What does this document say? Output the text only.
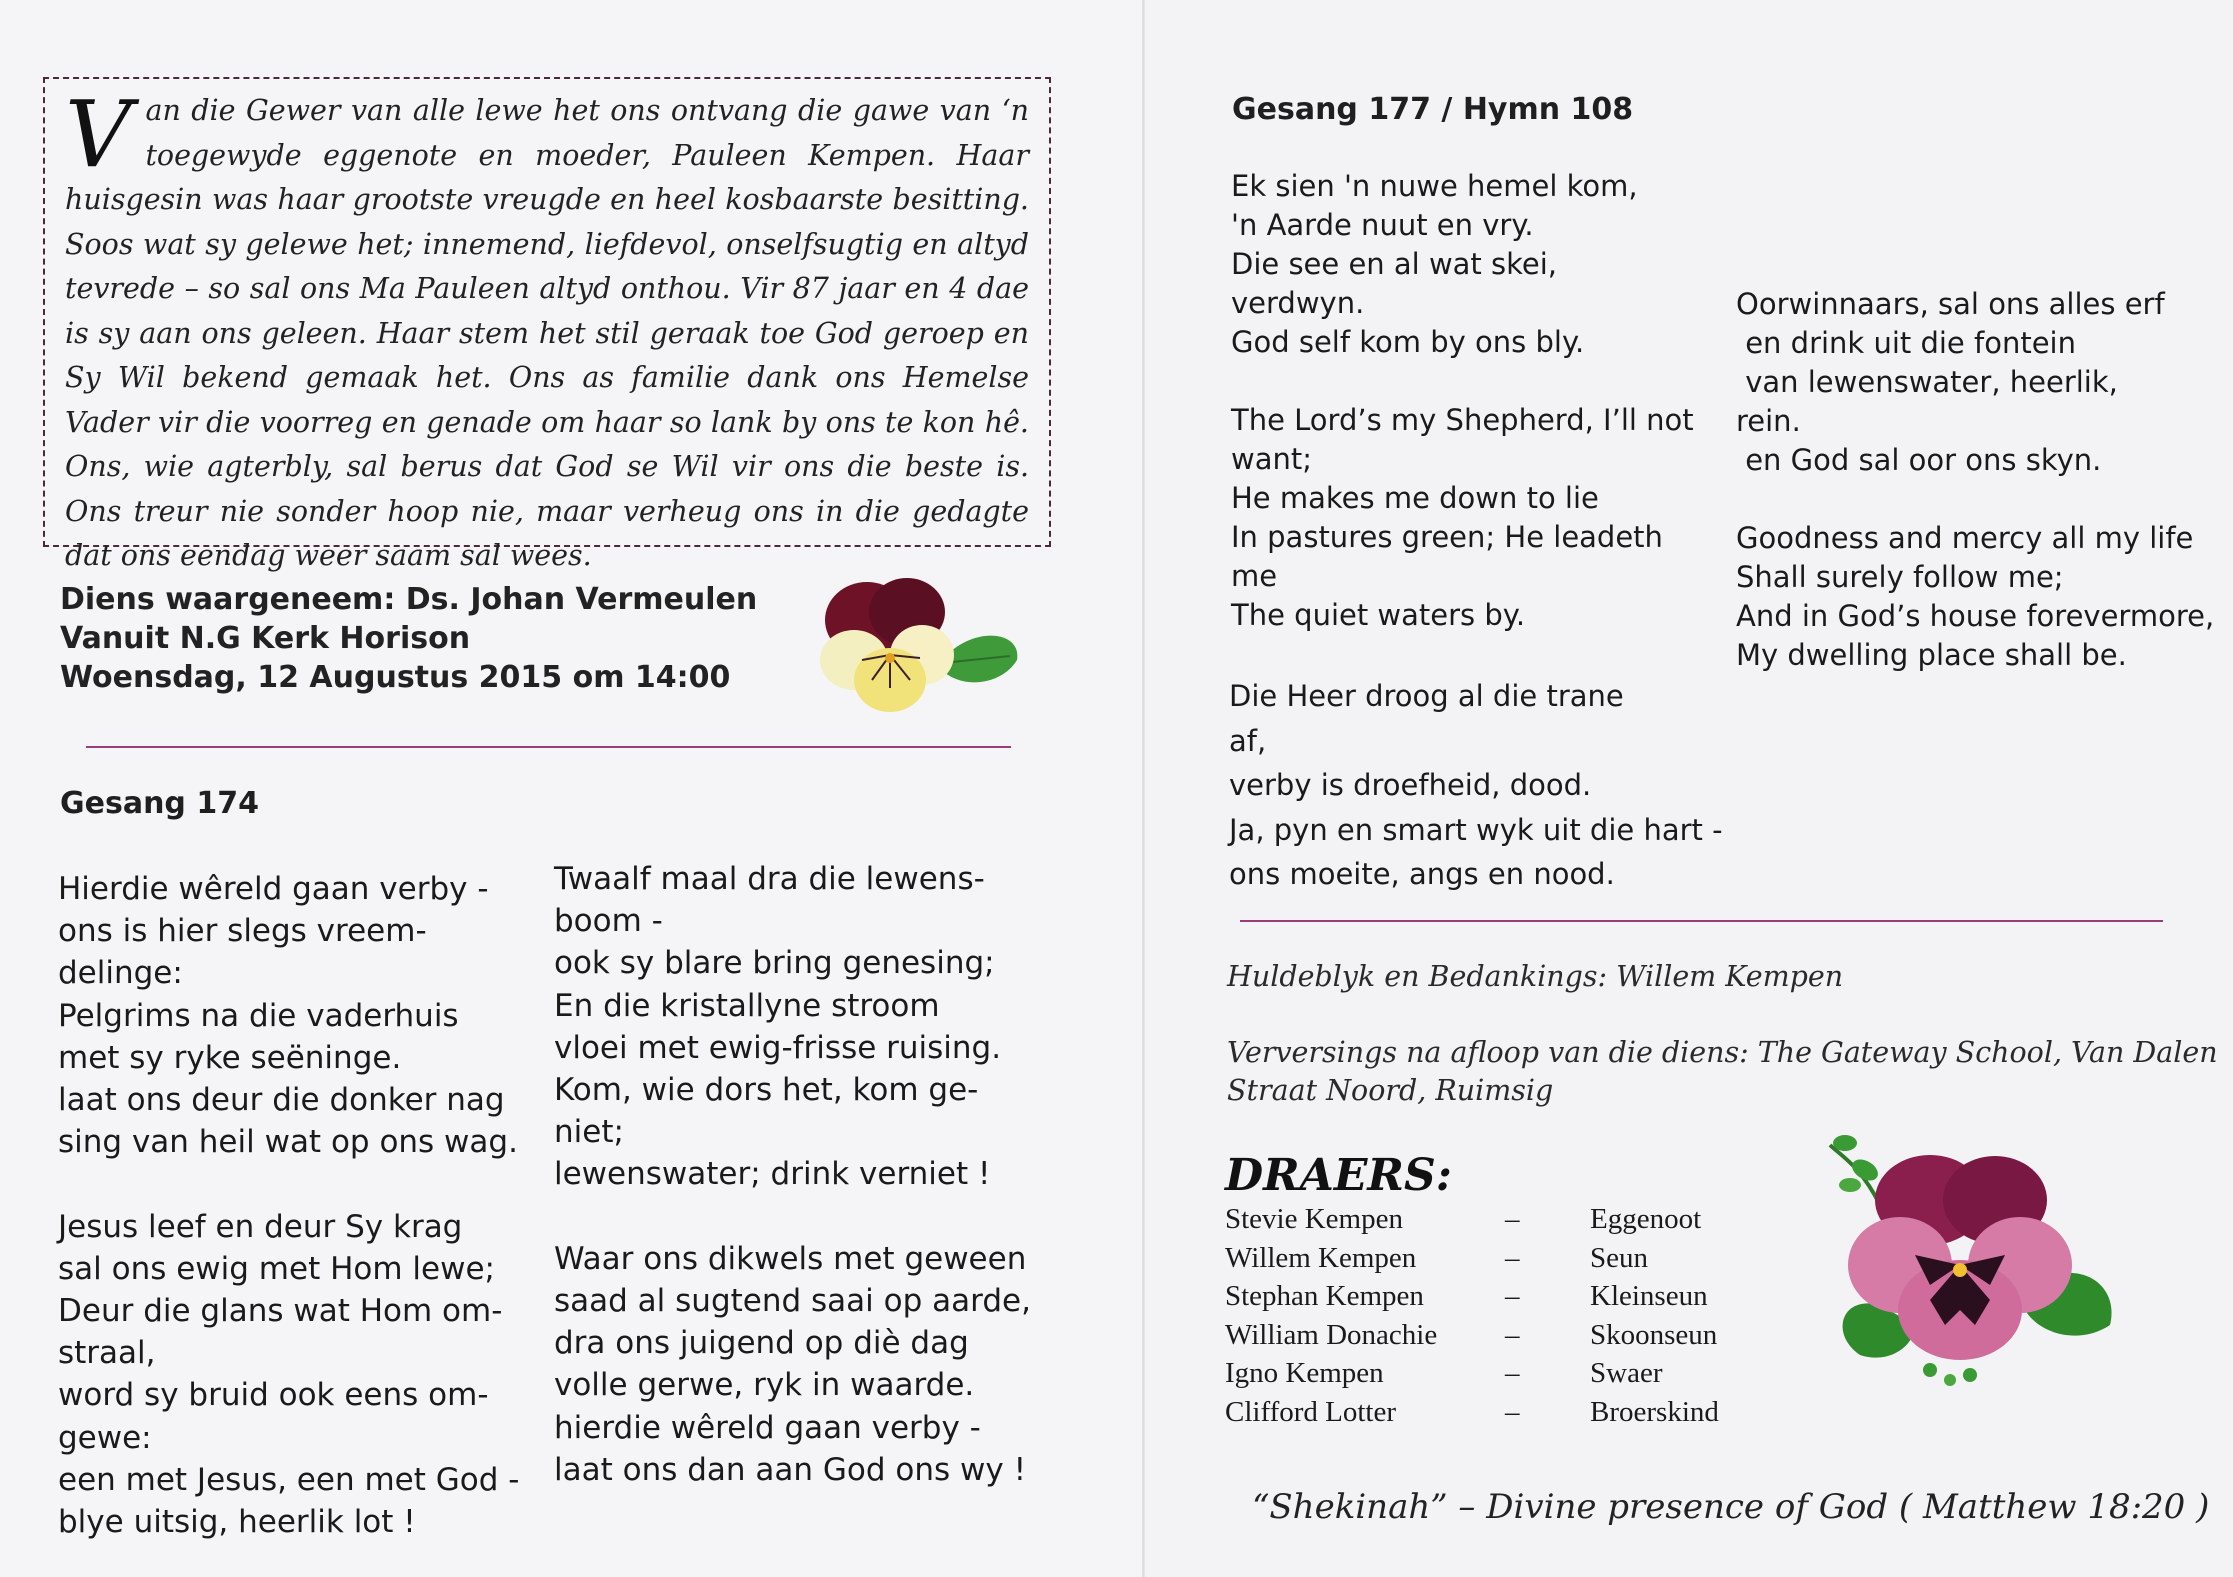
Van die Gewer van alle lewe het ons ontvang die gawe van ‘n toegewyde eggenote en moeder, Pauleen Kempen. Haar huisgesin was haar grootste vreugde en heel kosbaarste besitting. Soos wat sy gelewe het; innemend, liefdevol, onselfsugtig en altyd tevrede – so sal ons Ma Pauleen altyd onthou. Vir 87 jaar en 4 dae is sy aan ons geleen. Haar stem het stil geraak toe God geroep en Sy Wil bekend gemaak het. Ons as familie dank ons Hemelse Vader vir die voorreg en genade om haar so lank by ons te kon hê. Ons, wie agterbly, sal berus dat God se Wil vir ons die beste is. Ons treur nie sonder hoop nie, maar verheug ons in die gedagte dat ons eendag weer saam sal wees.
Diens waargeneem: Ds. Johan Vermeulen
Vanuit N.G Kerk Horison
Woensdag, 12 Augustus 2015 om 14:00
Gesang 174
Hierdie wêreld gaan verby -
ons is hier slegs vreem-
delinge:
Pelgrims na die vaderhuis
met sy ryke seëninge.
laat ons deur die donker nag
sing van heil wat op ons wag.

Jesus leef en deur Sy krag
sal ons ewig met Hom lewe;
Deur die glans wat Hom om-
straal,
word sy bruid ook eens om-
gewe:
een met Jesus, een met God -
blye uitsig, heerlik lot !
Twaalf maal dra die lewens-
boom -
ook sy blare bring genesing;
En die kristallyne stroom
vloei met ewig-frisse ruising.
Kom, wie dors het, kom ge-
niet;
lewenswater; drink verniet !

Waar ons dikwels met geween
saad al sugtend saai op aarde,
dra ons juigend op diè dag
volle gerwe, ryk in waarde.
hierdie wêreld gaan verby -
laat ons dan aan God ons wy !
Gesang 177 / Hymn 108
Ek sien 'n nuwe hemel kom,
'n Aarde nuut en vry.
Die see en al wat skei,
verdwyn.
God self kom by ons bly.

The Lord’s my Shepherd, I’ll not
want;
He makes me down to lie
In pastures green; He leadeth
me
The quiet waters by.
Die Heer droog al die trane
af,
verby is droefheid, dood.
Ja, pyn en smart wyk uit die hart -
ons moeite, angs en nood.
Oorwinnaars, sal ons alles erf
en drink uit die fontein
van lewenswater, heerlik,
rein.
en God sal oor ons skyn.

Goodness and mercy all my life
Shall surely follow me;
And in God’s house forevermore,
My dwelling place shall be.
Huldeblyk en Bedankings: Willem Kempen
Verversings na afloop van die diens: The Gateway School, Van Dalen
Straat Noord, Ruimsig
DRAERS:
Stevie Kempen	– Eggenoot
Willem Kempen	– Seun
Stephan Kempen	– Kleinseun
William Donachie – Skoonseun
Igno Kempen	– Swaer
Clifford Lotter	– Broerskind
“Shekinah” – Divine presence of God ( Matthew 18:20 )
